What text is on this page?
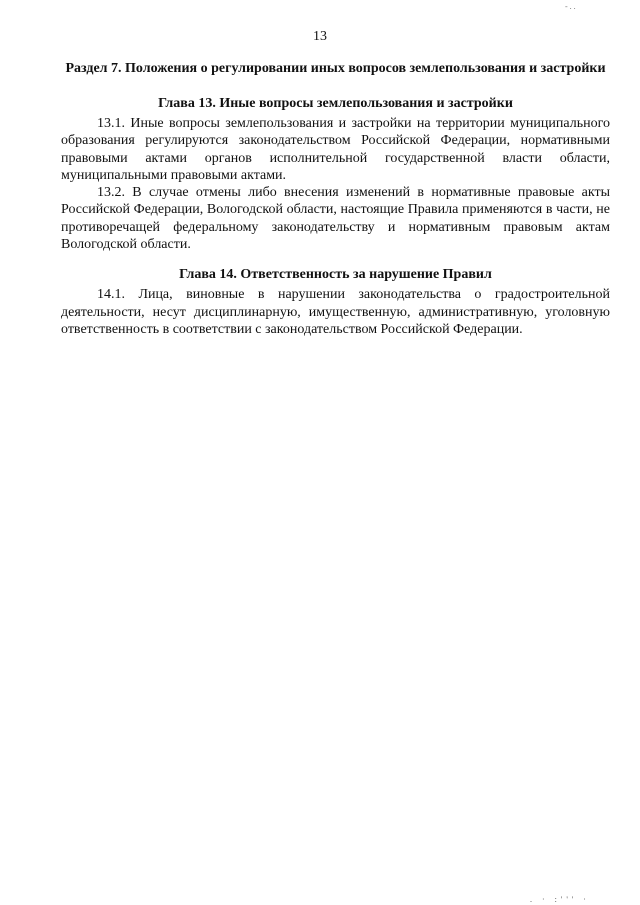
- . .
13
Раздел 7. Положения о регулировании иных вопросов землепользования и застройки
Глава 13. Иные вопросы землепользования и застройки

13.1. Иные вопросы землепользования и застройки на территории муниципального образования регулируются законодательством Российской Федерации, нормативными правовыми актами органов исполнительной государственной власти области, муниципальными правовыми актами.

13.2. В случае отмены либо внесения изменений в нормативные правовые акты Российской Федерации, Вологодской области, настоящие Правила применяются в части, не противоречащей федеральному законодательству и нормативным правовым актам Вологодской области.

Глава 14. Ответственность за нарушение Правил

14.1. Лица, виновные в нарушении законодательства о градостроительной деятельности, несут дисциплинарную, имущественную, административную, уголовную ответственность в соответствии с законодательством Российской Федерации.

. · :''' ·
